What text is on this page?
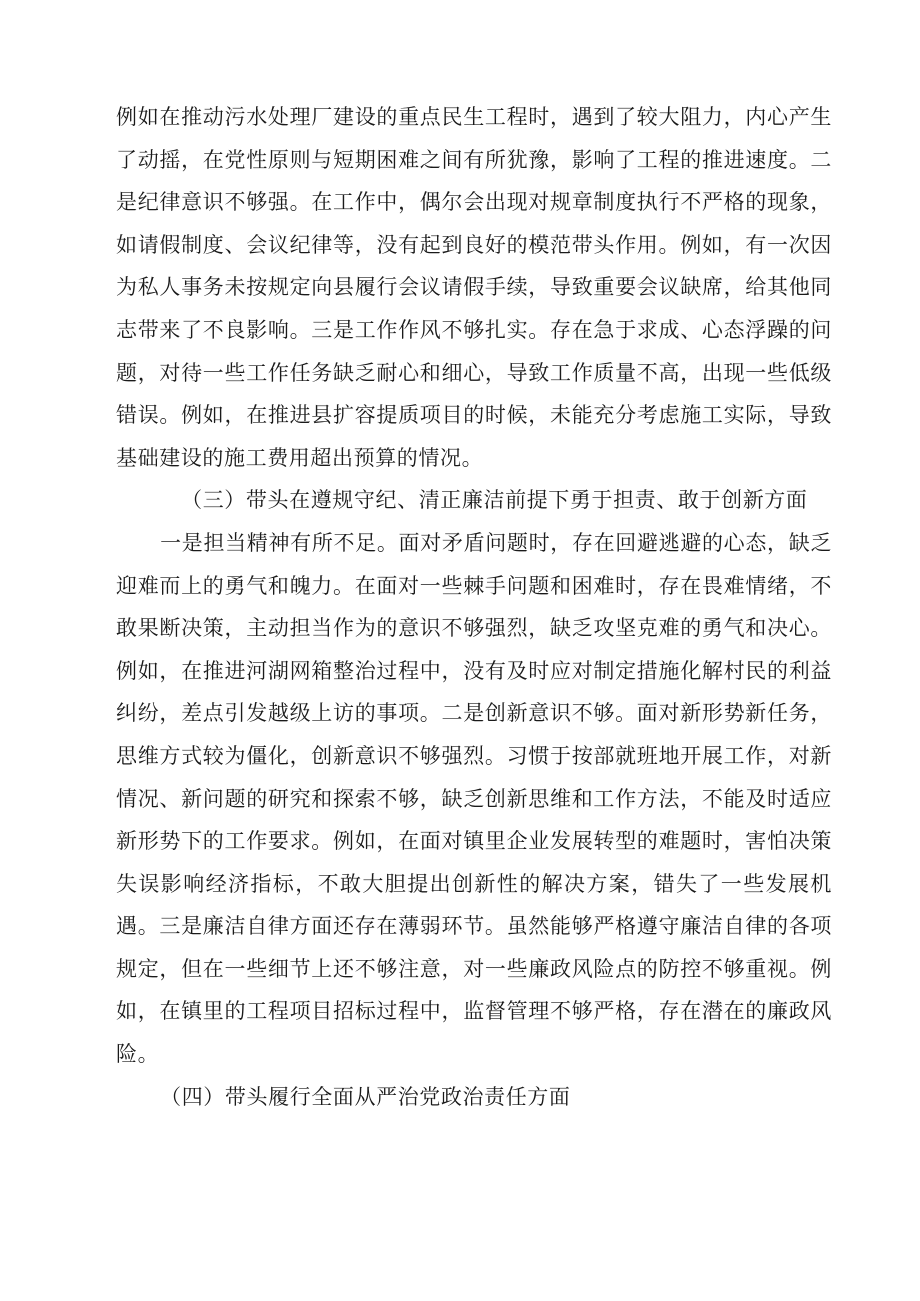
例如在推动污水处理厂建设的重点民生工程时，遇到了较大阻力，内心产生了动摇，在党性原则与短期困难之间有所犹豫，影响了工程的推进速度。二是纪律意识不够强。在工作中，偶尔会出现对规章制度执行不严格的现象，如请假制度、会议纪律等，没有起到良好的模范带头作用。例如，有一次因为私人事务未按规定向县履行会议请假手续，导致重要会议缺席，给其他同志带来了不良影响。三是工作作风不够扎实。存在急于求成、心态浮躁的问题，对待一些工作任务缺乏耐心和细心，导致工作质量不高，出现一些低级错误。例如，在推进县扩容提质项目的时候，未能充分考虑施工实际，导致基础建设的施工费用超出预算的情况。

（三）带头在遵规守纪、清正廉洁前提下勇于担责、敢于创新方面

一是担当精神有所不足。面对矛盾问题时，存在回避逃避的心态，缺乏迎难而上的勇气和魄力。在面对一些棘手问题和困难时，存在畏难情绪，不敢果断决策，主动担当作为的意识不够强烈，缺乏攻坚克难的勇气和决心。例如，在推进河湖网箱整治过程中，没有及时应对制定措施化解村民的利益纠纷，差点引发越级上访的事项。二是创新意识不够。面对新形势新任务，思维方式较为僵化，创新意识不够强烈。习惯于按部就班地开展工作，对新情况、新问题的研究和探索不够，缺乏创新思维和工作方法，不能及时适应新形势下的工作要求。例如，在面对镇里企业发展转型的难题时，害怕决策失误影响经济指标，不敢大胆提出创新性的解决方案，错失了一些发展机遇。三是廉洁自律方面还存在薄弱环节。虽然能够严格遵守廉洁自律的各项规定，但在一些细节上还不够注意，对一些廉政风险点的防控不够重视。例如，在镇里的工程项目招标过程中，监督管理不够严格，存在潜在的廉政风险。

（四）带头履行全面从严治党政治责任方面
